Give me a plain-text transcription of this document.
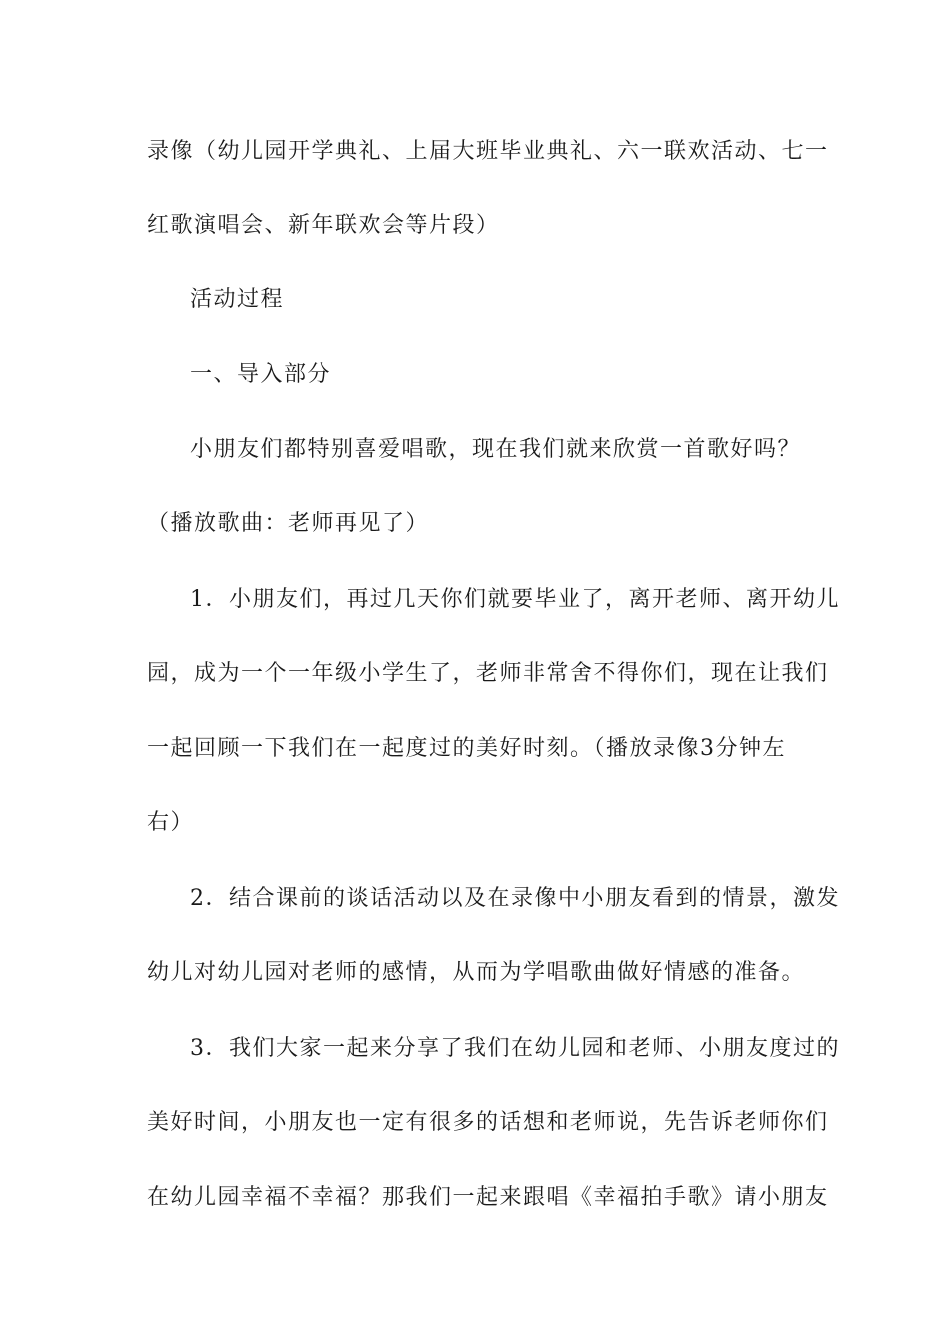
录像（幼儿园开学典礼、上届大班毕业典礼、六一联欢活动、七一
红歌演唱会、新年联欢会等片段）
活动过程
一、导入部分
小朋友们都特别喜爱唱歌，现在我们就来欣赏一首歌好吗？
（播放歌曲：老师再见了）
1．小朋友们，再过几天你们就要毕业了，离开老师、离开幼儿
园，成为一个一年级小学生了，老师非常舍不得你们，现在让我们
一起回顾一下我们在一起度过的美好时刻。（播放录像3分钟左
右）
2．结合课前的谈话活动以及在录像中小朋友看到的情景，激发
幼儿对幼儿园对老师的感情，从而为学唱歌曲做好情感的准备。
3．我们大家一起来分享了我们在幼儿园和老师、小朋友度过的
美好时间，小朋友也一定有很多的话想和老师说，先告诉老师你们
在幼儿园幸福不幸福？那我们一起来跟唱《幸福拍手歌》请小朋友
